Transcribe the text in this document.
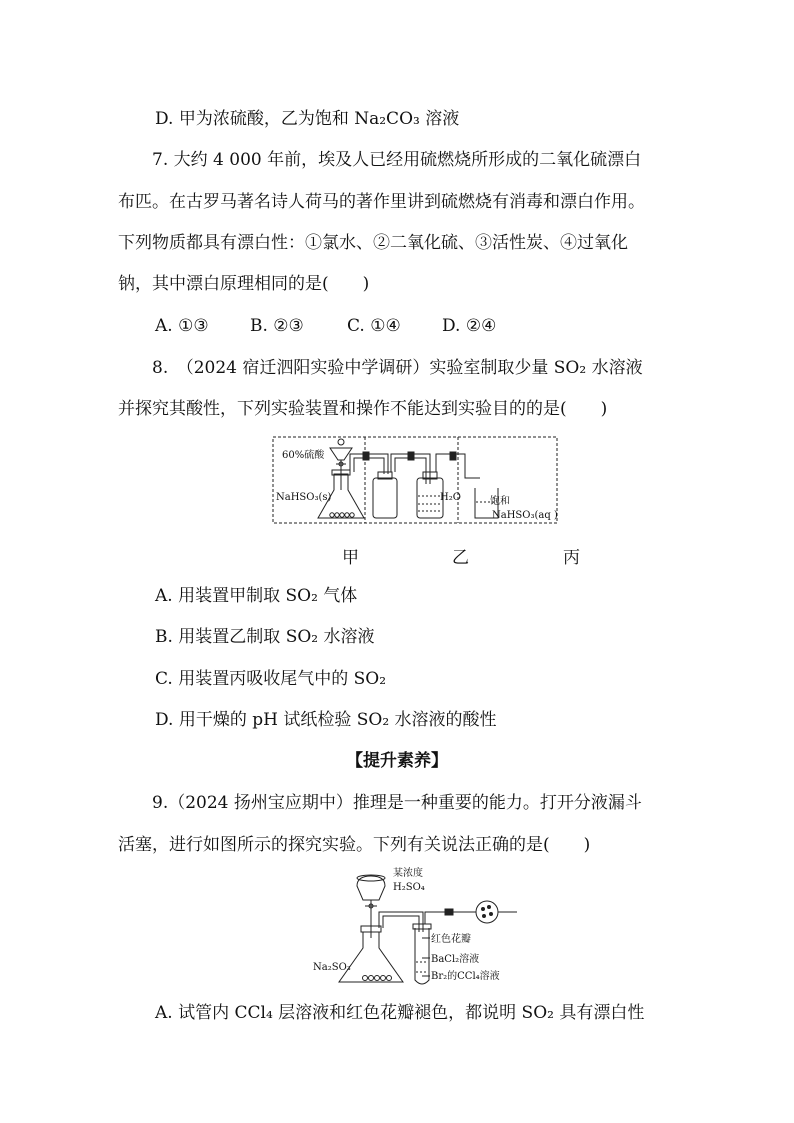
D. 甲为浓硫酸，乙为饱和 Na₂CO₃ 溶液
7. 大约 4 000 年前，埃及人已经用硫燃烧所形成的二氧化硫漂白
布匹。在古罗马著名诗人荷马的著作里讲到硫燃烧有消毒和漂白作用。
下列物质都具有漂白性：①氯水、②二氧化硫、③活性炭、④过氧化
钠，其中漂白原理相同的是(　　)
A. ①③ B. ②③	C. ①④ D. ②④
8.　（2024 宿迁泗阳实验中学调研）实验室制取少量 SO₂ 水溶液
并探究其酸性，下列实验装置和操作不能达到实验目的的是(　　)
60%硫酸
NaHSO₃(s)	H₂O	饱和
NaHSO₃(aq )
甲	乙	丙
A. 用装置甲制取 SO₂ 气体
B. 用装置乙制取 SO₂ 水溶液
C. 用装置丙吸收尾气中的 SO₂
D. 用干燥的 pH 试纸检验 SO₂ 水溶液的酸性
【提升素养】
9.（2024 扬州宝应期中）推理是一种重要的能力。打开分液漏斗
活塞，进行如图所示的探究实验。下列有关说法正确的是(　　)
某浓度
H₂SO₄
Na₂SO₃
红色花瓣
BaCl₂溶液
Br₂的CCl₄溶液
A. 试管内 CCl₄ 层溶液和红色花瓣褪色，都说明 SO₂ 具有漂白性
